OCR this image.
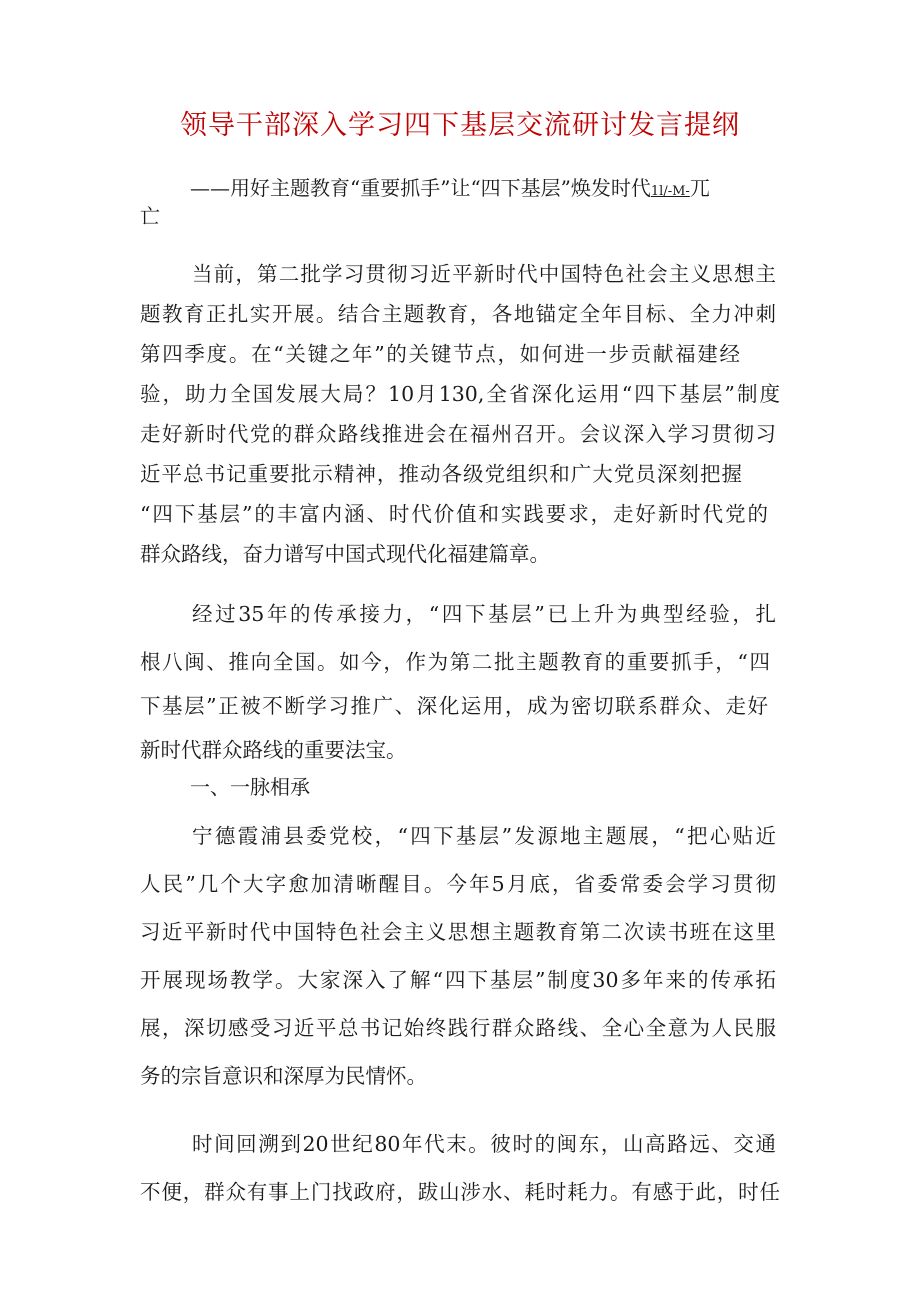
领导干部深入学习四下基层交流研讨发言提纲
——用好主题教育“重要抓手”让“四下基层”焕发时代1l/-M-兀
亡
当前，第二批学习贯彻习近平新时代中国特色社会主义思想主
题教育正扎实开展。结合主题教育，各地锚定全年目标、全力冲刺
第四季度。在“关键之年”的关键节点，如何进一步贡献福建经
验，助力全国发展大局？10月130,全省深化运用“四下基层”制度
走好新时代党的群众路线推进会在福州召开。会议深入学习贯彻习
近平总书记重要批示精神，推动各级党组织和广大党员深刻把握
“四下基层”的丰富内涵、时代价值和实践要求，走好新时代党的
群众路线，奋力谱写中国式现代化福建篇章。
经过35年的传承接力，“四下基层”已上升为典型经验，扎
根八闽、推向全国。如今，作为第二批主题教育的重要抓手，“四
下基层”正被不断学习推广、深化运用，成为密切联系群众、走好
一、一脉相承
宁德霞浦县委党校，“四下基层”发源地主题展，“把心贴近
人民”几个大字愈加清晰醒目。今年5月底，省委常委会学习贯彻
习近平新时代中国特色社会主义思想主题教育第二次读书班在这里
开展现场教学。大家深入了解“四下基层”制度30多年来的传承拓
展，深切感受习近平总书记始终践行群众路线、全心全意为人民服
务的宗旨意识和深厚为民情怀。
时间回溯到20世纪80年代末。彼时的闽东，山高路远、交通
不便，群众有事上门找政府，跋山涉水、耗时耗力。有感于此，时任
新时代群众路线的重要法宝。
